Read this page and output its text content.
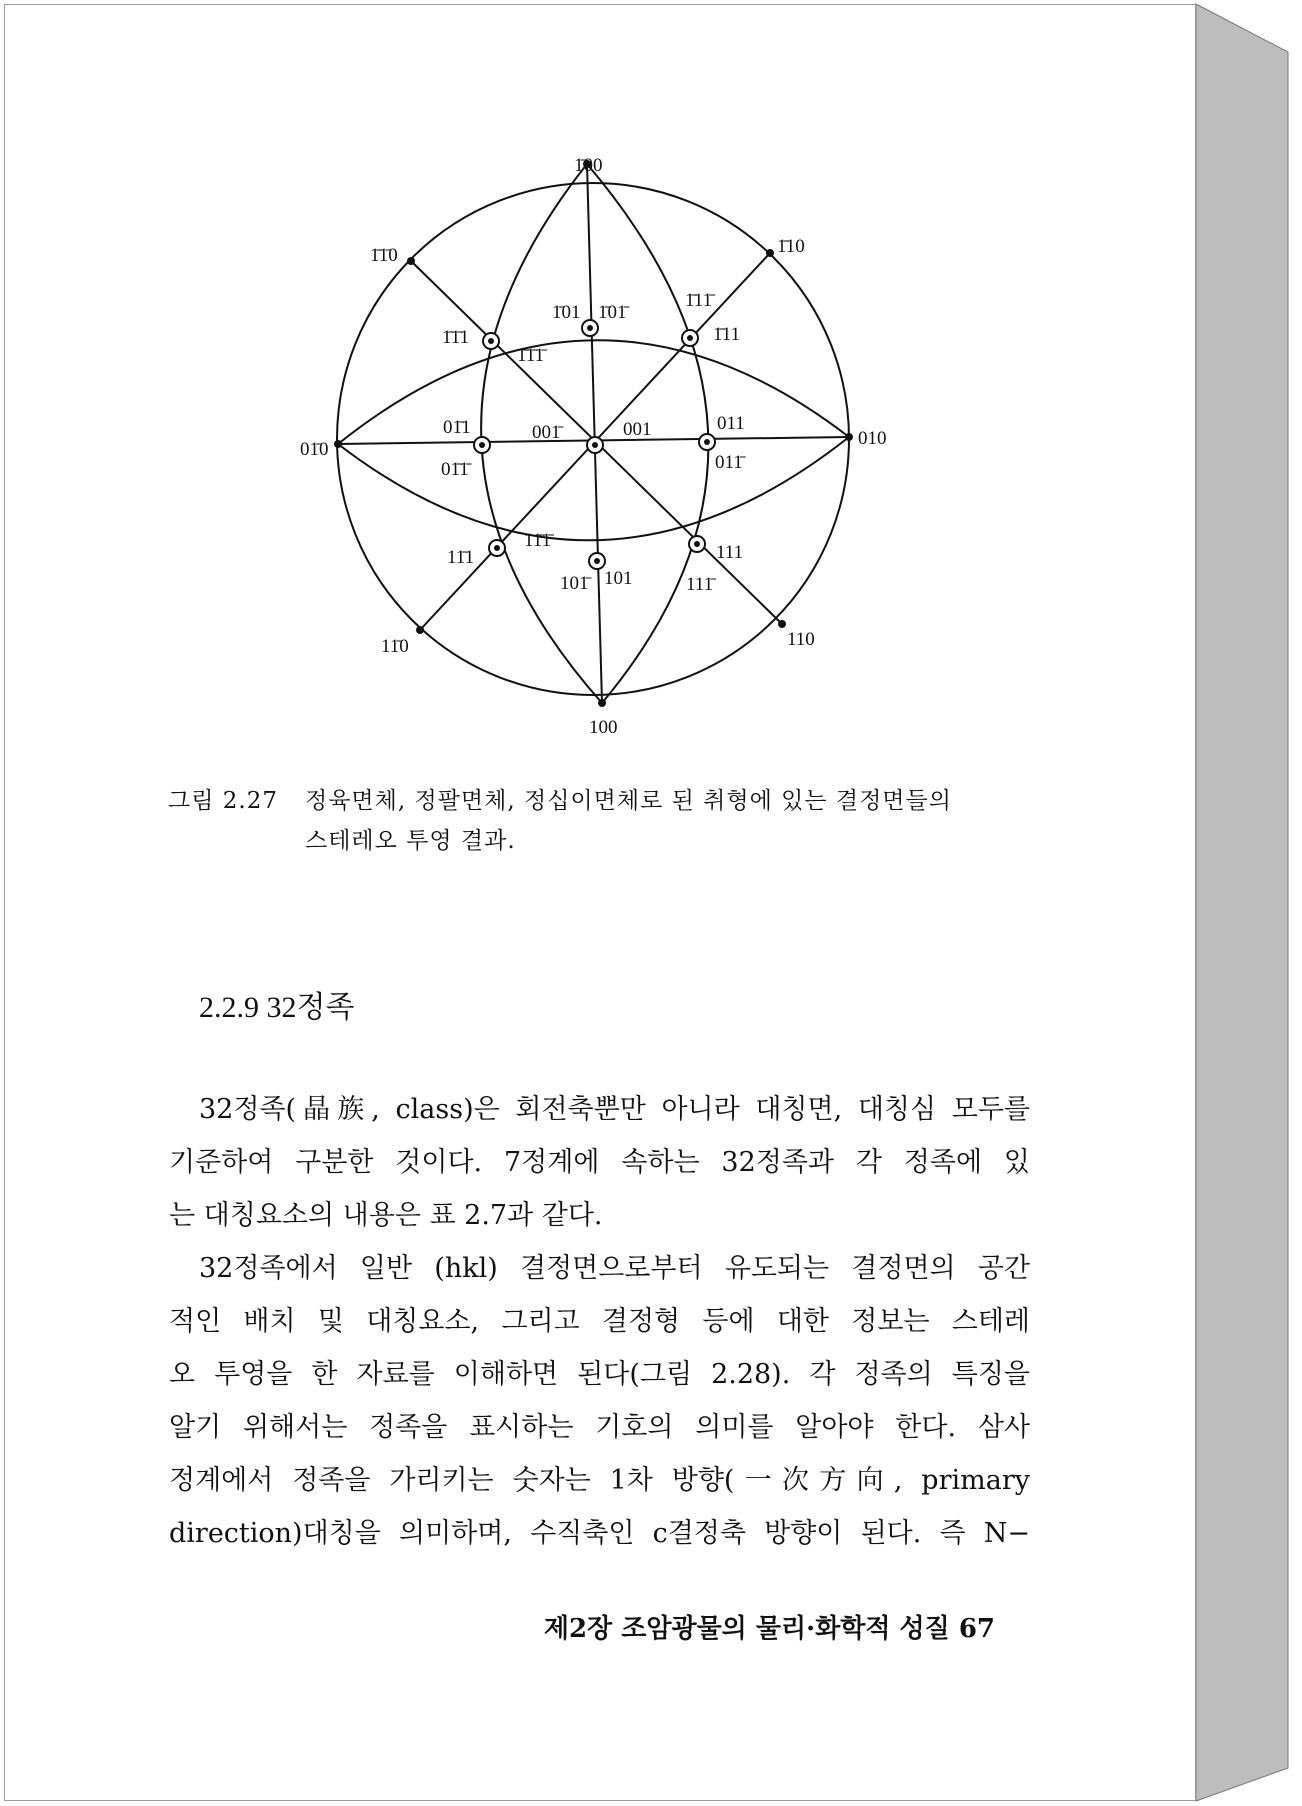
1̄00
100
01̄0
010
1̄1̄0	1̄10
11̄0	110
001̄	001
1̄01 1̄01̄
101̄ 101
01̄1
01̄1̄
011
011̄
1̄1̄1
1̄1̄1̄
1̄11̄
1̄11
11̄1
11̄1̄
111
111̄
그림 2.27 정육면체, 정팔면체, 정십이면체로 된 취형에 있는 결정면들의
스테레오 투영 결과.
2.2.9 32정족
32정족(晶族, class)은 회전축뿐만 아니라 대칭면, 대칭심 모두를
기준하여 구분한 것이다. 7정계에 속하는 32정족과 각 정족에 있
는 대칭요소의 내용은 표 2.7과 같다.
32정족에서 일반 (hkl) 결정면으로부터 유도되는 결정면의 공간
적인 배치 및 대칭요소, 그리고 결정형 등에 대한 정보는 스테레
오 투영을 한 자료를 이해하면 된다(그림 2.28). 각 정족의 특징을
알기 위해서는 정족을 표시하는 기호의 의미를 알아야 한다. 삼사
정계에서 정족을 가리키는 숫자는 1차 방향(一次方向, primary
direction)대칭을 의미하며, 수직축인 c결정축 방향이 된다. 즉 N−
제2장 조암광물의 물리·화학적 성질 67
